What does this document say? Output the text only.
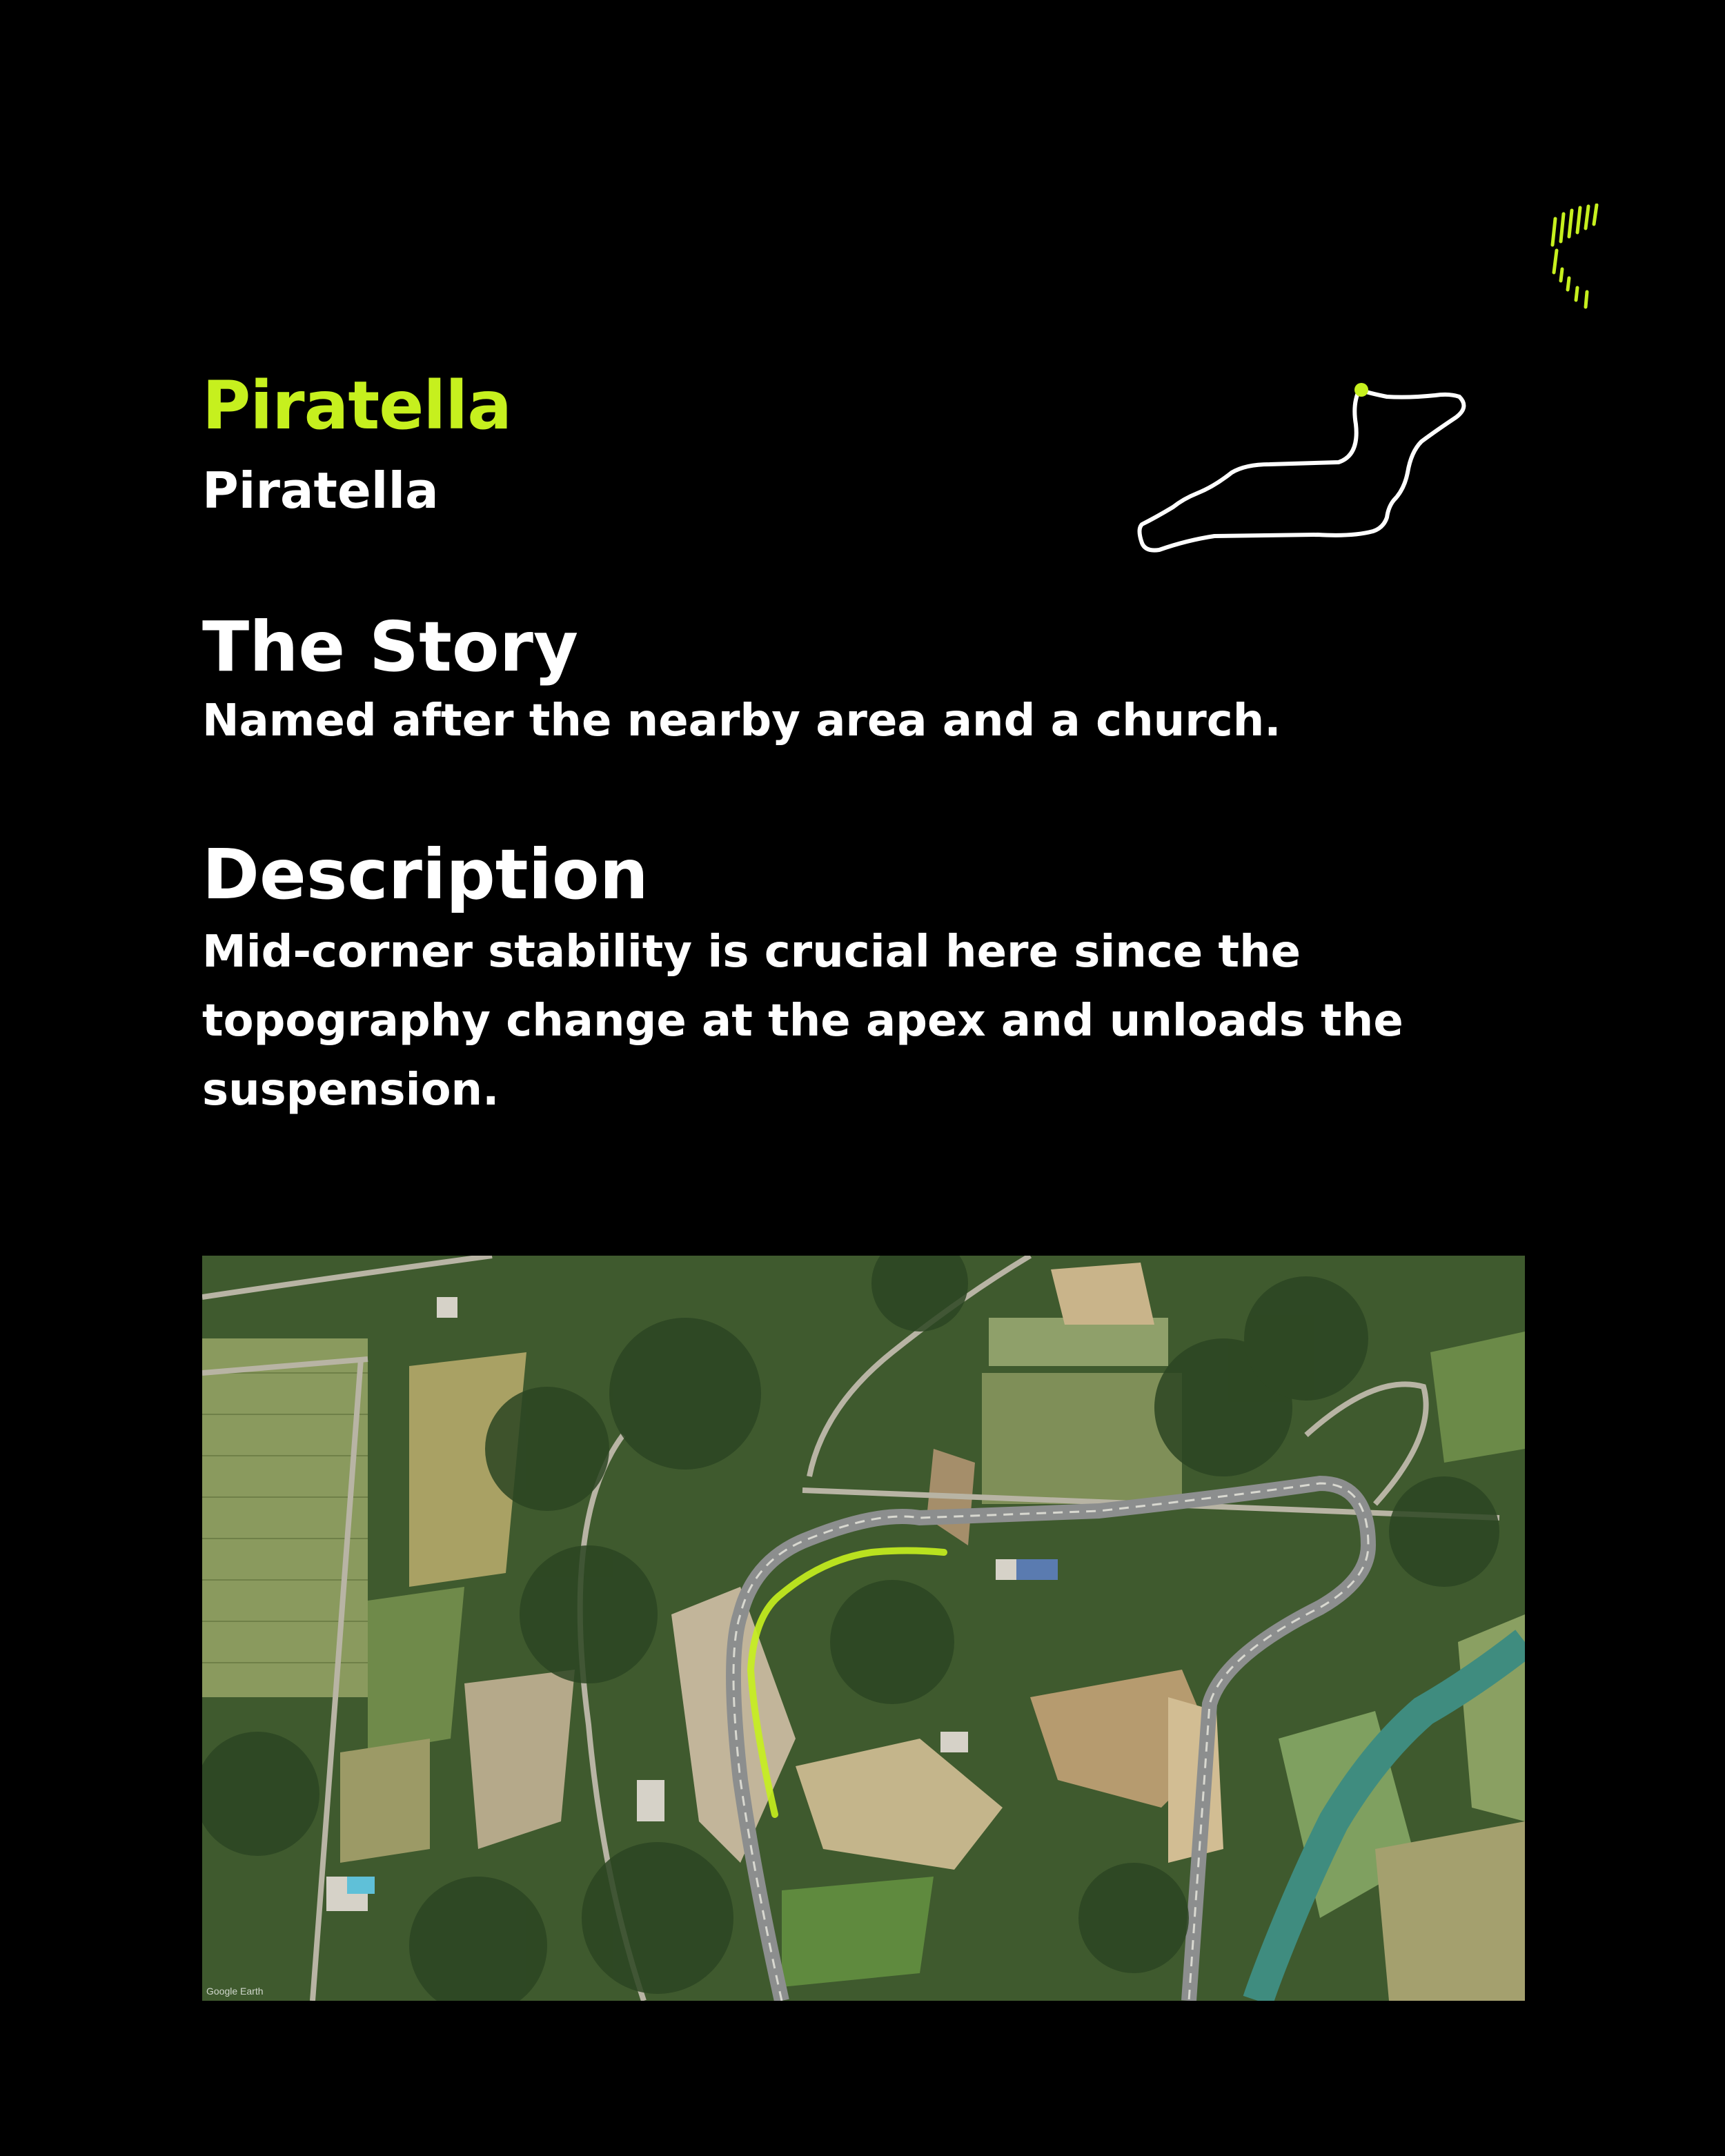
Piratella
Piratella
The Story

Named after the nearby area and a church.

Description

Mid-corner stability is crucial here since the topography change at the apex and unloads the suspension.

Google Earth
